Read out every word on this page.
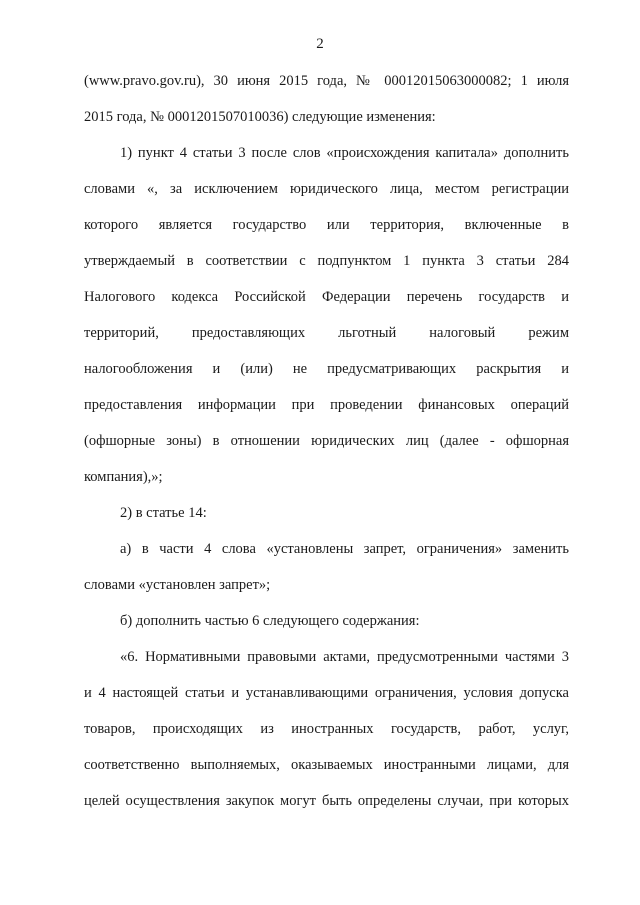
2
(www.pravo.gov.ru), 30 июня 2015 года, № 00012015063000082; 1 июля
2015 года, № 0001201507010036) следующие изменения:
1) пункт 4 статьи 3 после слов «происхождения капитала» дополнить
словами «, за исключением юридического лица, местом регистрации
которого является государство или территория, включенные в
утверждаемый в соответствии с подпунктом 1 пункта 3 статьи 284
Налогового кодекса Российской Федерации перечень государств и
территорий, предоставляющих льготный налоговый режим
налогообложения и (или) не предусматривающих раскрытия и
предоставления информации при проведении финансовых операций
(офшорные зоны) в отношении юридических лиц (далее - офшорная
компания),»;
2) в статье 14:
а) в части 4 слова «установлены запрет, ограничения» заменить
словами «установлен запрет»;
б) дополнить частью 6 следующего содержания:
«6. Нормативными правовыми актами, предусмотренными частями 3
и 4 настоящей статьи и устанавливающими ограничения, условия допуска
товаров, происходящих из иностранных государств, работ, услуг,
соответственно выполняемых, оказываемых иностранными лицами, для
целей осуществления закупок могут быть определены случаи, при которых
